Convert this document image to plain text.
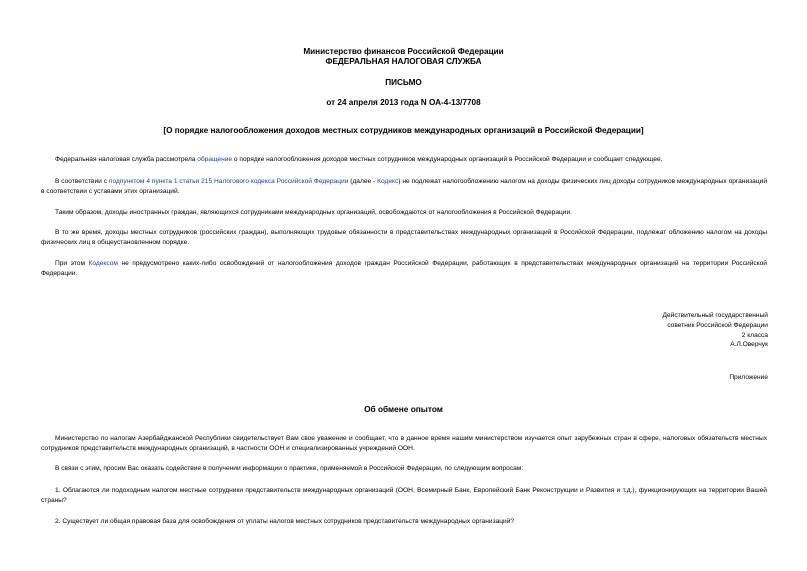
Министерство финансов Российской Федерации
ФЕДЕРАЛЬНАЯ НАЛОГОВАЯ СЛУЖБА
ПИСЬМО
от 24 апреля 2013 года N ОА-4-13/7708
[О порядке налогообложения доходов местных сотрудников международных организаций в Российской Федерации]
Федеральная налоговая служба рассмотрела обращение о порядке налогообложения доходов местных сотрудников международных организаций в Российской Федерации и сообщает следующее.
В соответствии с подпунктом 4 пункта 1 статьи 215 Налогового кодекса Российской Федерации (далее - Кодекс) не подлежат налогообложению налогом на доходы физических лиц доходы сотрудников международных организаций в соответствии с уставами этих организаций.
Таким образом, доходы иностранных граждан, являющихся сотрудниками международных организаций, освобождаются от налогообложения в Российской Федерации.
В то же время, доходы местных сотрудников (российских граждан), выполняющих трудовые обязанности в представительствах международных организаций в Российской Федерации, подлежат обложению налогом на доходы физических лиц в общеустановленном порядке.
При этом Кодексом не предусмотрено каких-либо освобождений от налогообложения доходов граждан Российской Федерации, работающих в представительствах международных организаций на территории Российской Федерации.
Действительный государственный
советник Российской Федерации
2 класса
А.Л.Оверчук
Приложение
Об обмене опытом
Министерство по налогам Азербайджанской Республики свидетельствует Вам свое уважение и сообщает, что в данное время нашим министерством изучается опыт зарубежных стран в сфере, налоговых обязательств местных сотрудников представительств международных организаций, в частности ООН и специализированных учреждений ООН.
В связи с этим, просим Вас оказать содействие в получении информации о практике, применяемой в Российской Федерации, по следующим вопросам:
1. Облагаются ли подоходным налогом местные сотрудники представительств международных организаций (ООН, Всемирный Банк, Европейский Банк Реконструкции и Развития и т.д.), функционирующих на территории Вашей страны?
2. Существует ли общая правовая база для освобождения от уплаты налогов местных сотрудников представительств международных организаций?
